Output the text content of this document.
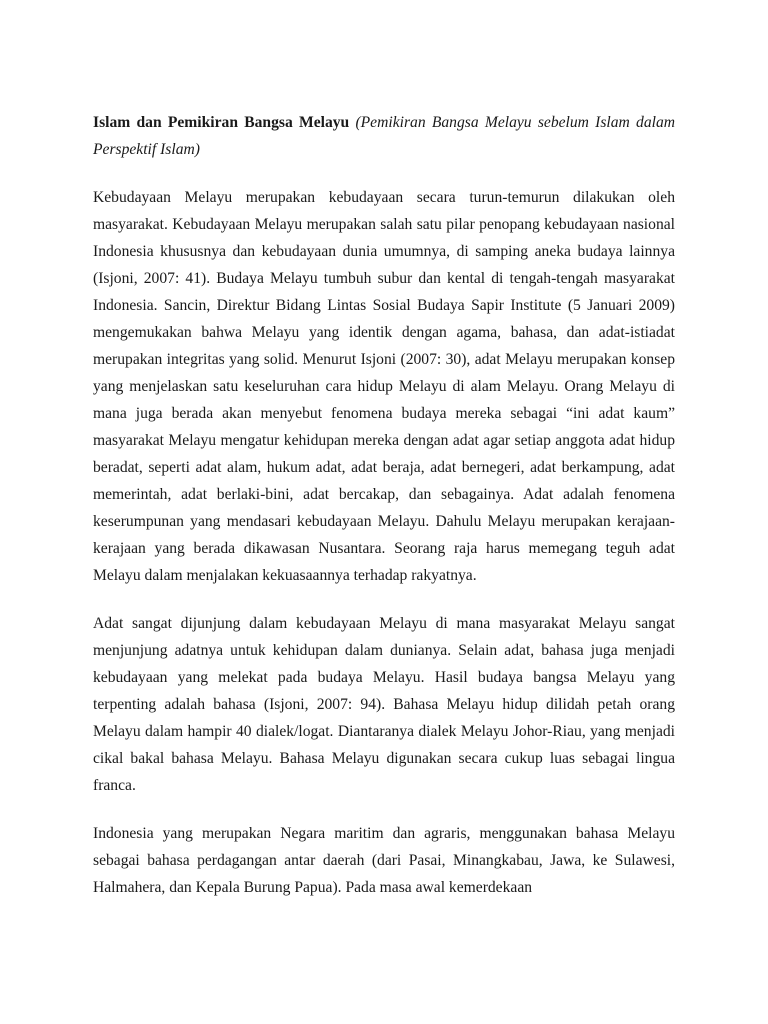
Islam dan Pemikiran Bangsa Melayu (Pemikiran Bangsa Melayu sebelum Islam dalam Perspektif Islam)

Kebudayaan Melayu merupakan kebudayaan secara turun-temurun dilakukan oleh masyarakat. Kebudayaan Melayu merupakan salah satu pilar penopang kebudayaan nasional Indonesia khususnya dan kebudayaan dunia umumnya, di samping aneka budaya lainnya (Isjoni, 2007: 41). Budaya Melayu tumbuh subur dan kental di tengah-tengah masyarakat Indonesia. Sancin, Direktur Bidang Lintas Sosial Budaya Sapir Institute (5 Januari 2009) mengemukakan bahwa Melayu yang identik dengan agama, bahasa, dan adat-istiadat merupakan integritas yang solid. Menurut Isjoni (2007: 30), adat Melayu merupakan konsep yang menjelaskan satu keseluruhan cara hidup Melayu di alam Melayu. Orang Melayu di mana juga berada akan menyebut fenomena budaya mereka sebagai “ini adat kaum” masyarakat Melayu mengatur kehidupan mereka dengan adat agar setiap anggota adat hidup beradat, seperti adat alam, hukum adat, adat beraja, adat bernegeri, adat berkampung, adat memerintah, adat berlaki-bini, adat bercakap, dan sebagainya. Adat adalah fenomena keserumpunan yang mendasari kebudayaan Melayu. Dahulu Melayu merupakan kerajaan-kerajaan yang berada dikawasan Nusantara. Seorang raja harus memegang teguh adat Melayu dalam menjalakan kekuasaannya terhadap rakyatnya.

Adat sangat dijunjung dalam kebudayaan Melayu di mana masyarakat Melayu sangat menjunjung adatnya untuk kehidupan dalam dunianya. Selain adat, bahasa juga menjadi kebudayaan yang melekat pada budaya Melayu. Hasil budaya bangsa Melayu yang terpenting adalah bahasa (Isjoni, 2007: 94). Bahasa Melayu hidup dilidah petah orang Melayu dalam hampir 40 dialek/logat. Diantaranya dialek Melayu Johor-Riau, yang menjadi cikal bakal bahasa Melayu. Bahasa Melayu digunakan secara cukup luas sebagai lingua franca.

Indonesia yang merupakan Negara maritim dan agraris, menggunakan bahasa Melayu sebagai bahasa perdagangan antar daerah (dari Pasai, Minangkabau, Jawa, ke Sulawesi, Halmahera, dan Kepala Burung Papua). Pada masa awal kemerdekaan
